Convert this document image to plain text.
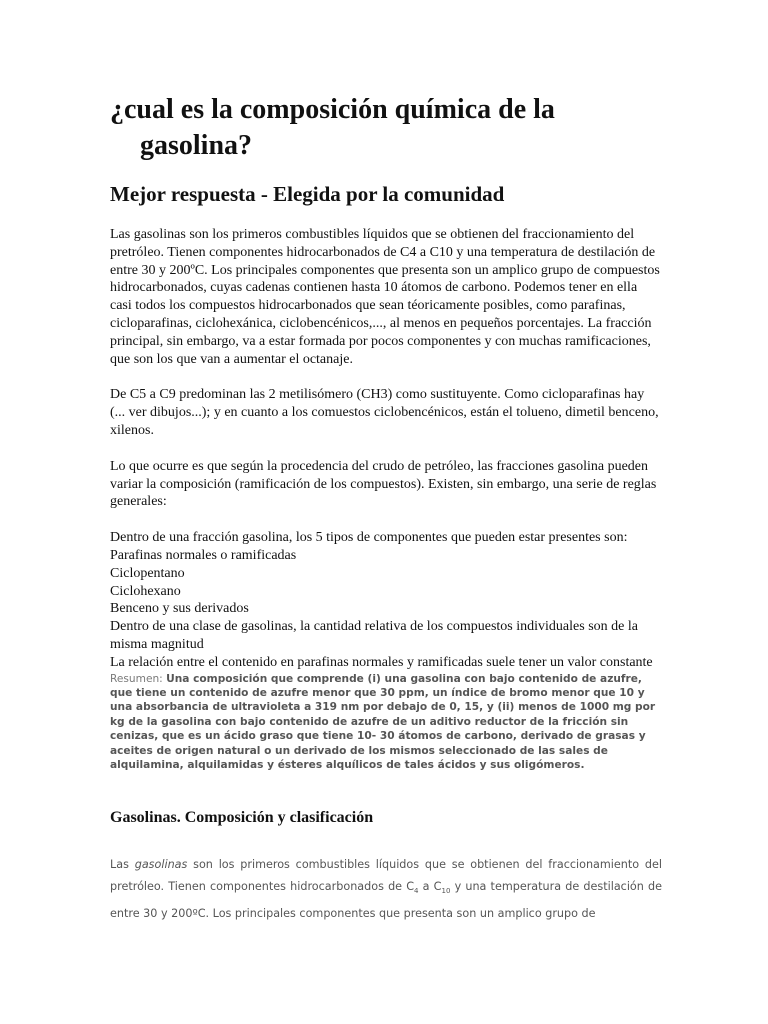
¿cual es la composición química de la gasolina?
Mejor respuesta - Elegida por la comunidad

Las gasolinas son los primeros combustibles líquidos que se obtienen del fraccionamiento del pretróleo. Tienen componentes hidrocarbonados de C4 a C10 y una temperatura de destilación de entre 30 y 200ºC. Los principales componentes que presenta son un amplico grupo de compuestos hidrocarbonados, cuyas cadenas contienen hasta 10 átomos de carbono. Podemos tener en ella casi todos los compuestos hidrocarbonados que sean téoricamente posibles, como parafinas, cicloparafinas, ciclohexánica, ciclobencénicos,..., al menos en pequeños porcentajes. La fracción principal, sin embargo, va a estar formada por pocos componentes y con muchas ramificaciones, que son los que van a aumentar el octanaje.

De C5 a C9 predominan las 2 metilisómero (CH3) como sustituyente. Como cicloparafinas hay (... ver dibujos...); y en cuanto a los comuestos ciclobencénicos, están el tolueno, dimetil benceno, xilenos.

Lo que ocurre es que según la procedencia del crudo de petróleo, las fracciones gasolina pueden variar la composición (ramificación de los compuestos). Existen, sin embargo, una serie de reglas generales:

Dentro de una fracción gasolina, los 5 tipos de componentes que pueden estar presentes son:
Parafinas normales o ramificadas
Ciclopentano
Ciclohexano
Benceno y sus derivados
Dentro de una clase de gasolinas, la cantidad relativa de los compuestos individuales son de la misma magnitud
La relación entre el contenido en parafinas normales y ramificadas suele tener un valor constante
Resumen: Una composición que comprende (i) una gasolina con bajo contenido de azufre, que tiene un contenido de azufre menor que 30 ppm, un índice de bromo menor que 10 y una absorbancia de ultravioleta a 319 nm por debajo de 0, 15, y (ii) menos de 1000 mg por kg de la gasolina con bajo contenido de azufre de un aditivo reductor de la fricción sin cenizas, que es un ácido graso que tiene 10- 30 átomos de carbono, derivado de grasas y aceites de origen natural o un derivado de los mismos seleccionado de las sales de alquilamina, alquilamidas y ésteres alquílicos de tales ácidos y sus oligómeros.
Gasolinas. Composición y clasificación

Las gasolinas son los primeros combustibles líquidos que se obtienen del fraccionamiento del pretróleo. Tienen componentes hidrocarbonados de $C_4$ a $C_{10}$ y una temperatura de destilación de entre 30 y 200ºC. Los principales componentes que presenta son un amplico grupo de
